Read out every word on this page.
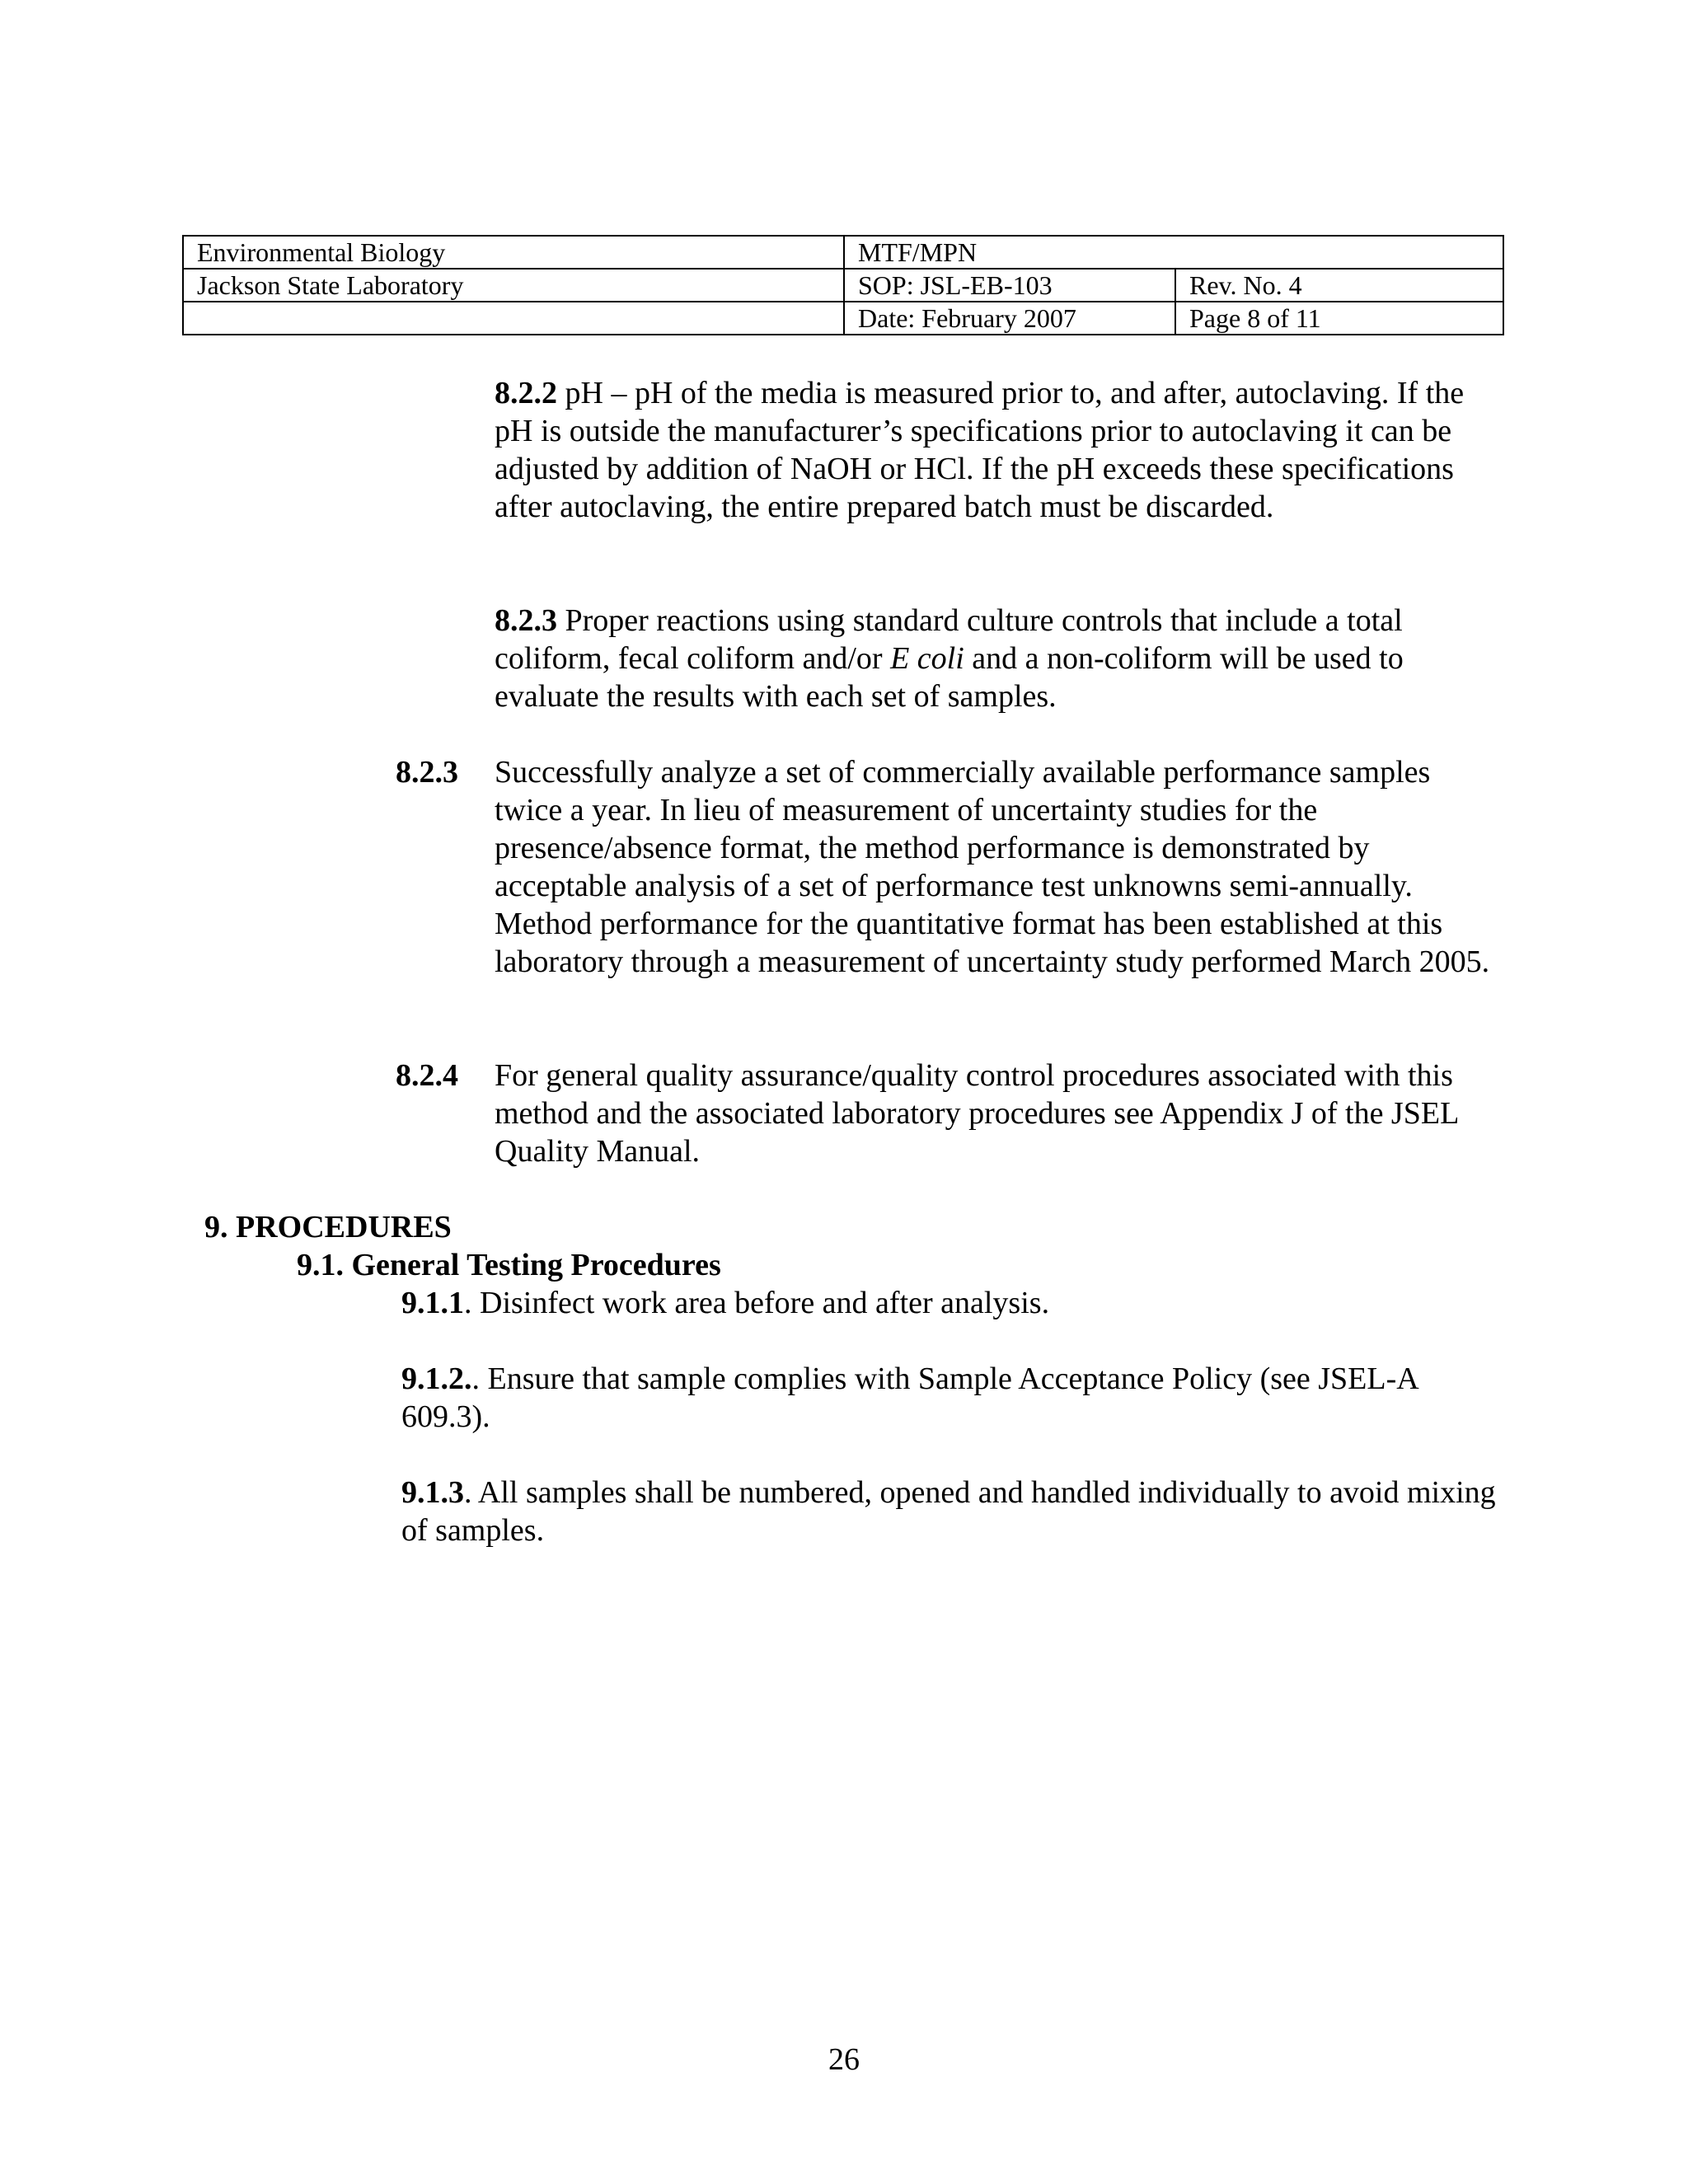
Environmental Biology	MTF/MPN	
Jackson State Laboratory	SOP: JSL-EB-103	Rev. No. 4
	Date: February 2007	Page 8 of 11

8.2.2 pH – pH of the media is measured prior to, and after, autoclaving. If the pH is outside the manufacturer’s specifications prior to autoclaving it can be adjusted by addition of NaOH or HCl. If the pH exceeds these specifications after autoclaving, the entire prepared batch must be discarded.

8.2.3 Proper reactions using standard culture controls that include a total coliform, fecal coliform and/or E coli and a non-coliform will be used to evaluate the results with each set of samples.

8.2.3 Successfully analyze a set of commercially available performance samples twice a year. In lieu of measurement of uncertainty studies for the presence/absence format, the method performance is demonstrated by acceptable analysis of a set of performance test unknowns semi-annually. Method performance for the quantitative format has been established at this laboratory through a measurement of uncertainty study performed March 2005.

8.2.4 For general quality assurance/quality control procedures associated with this method and the associated laboratory procedures see Appendix J of the JSEL Quality Manual.

9. PROCEDURES

9.1. General Testing Procedures

9.1.1. Disinfect work area before and after analysis.

9.1.2.. Ensure that sample complies with Sample Acceptance Policy (see JSEL-A 609.3).

9.1.3. All samples shall be numbered, opened and handled individually to avoid mixing of samples.

26
